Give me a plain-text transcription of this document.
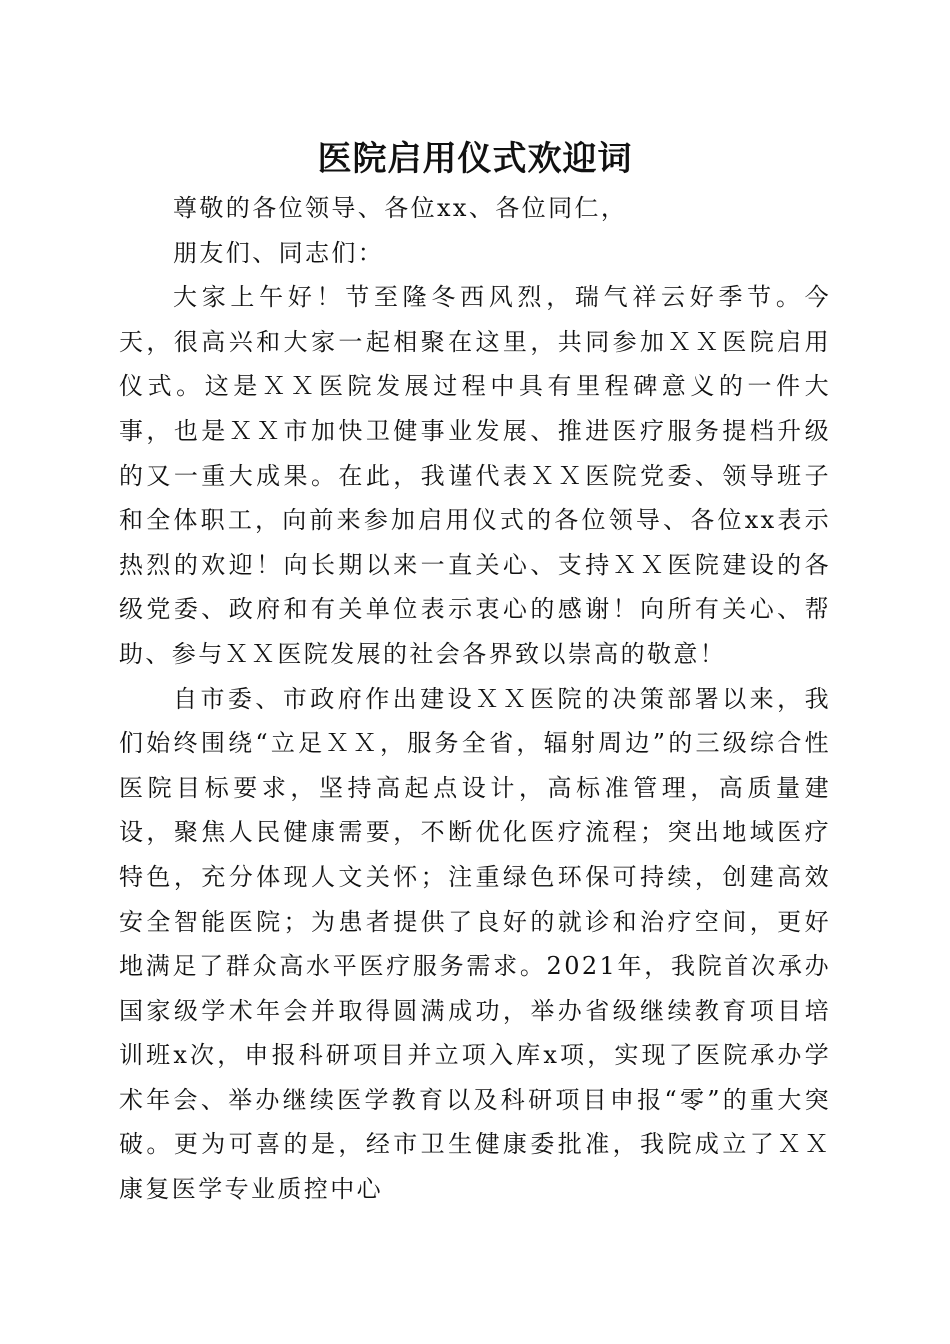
医院启用仪式欢迎词

尊敬的各位领导、各位xx、各位同仁，

朋友们、同志们：

大家上午好！节至隆冬西风烈，瑞气祥云好季节。今天，很高兴和大家一起相聚在这里，共同参加ＸＸ医院启用仪式。这是ＸＸ医院发展过程中具有里程碑意义的一件大事，也是ＸＸ市加快卫健事业发展、推进医疗服务提档升级的又一重大成果。在此，我谨代表ＸＸ医院党委、领导班子和全体职工，向前来参加启用仪式的各位领导、各位xx表示热烈的欢迎！向长期以来一直关心、支持ＸＸ医院建设的各级党委、政府和有关单位表示衷心的感谢！向所有关心、帮助、参与ＸＸ医院发展的社会各界致以崇高的敬意！

自市委、市政府作出建设ＸＸ医院的决策部署以来，我们始终围绕“立足ＸＸ，服务全省，辐射周边”的三级综合性医院目标要求，坚持高起点设计，高标准管理，高质量建设，聚焦人民健康需要，不断优化医疗流程；突出地域医疗特色，充分体现人文关怀；注重绿色环保可持续，创建高效安全智能医院；为患者提供了良好的就诊和治疗空间，更好地满足了群众高水平医疗服务需求。2021年，我院首次承办国家级学术年会并取得圆满成功，举办省级继续教育项目培训班x次，申报科研项目并立项入库x项，实现了医院承办学术年会、举办继续医学教育以及科研项目申报“零”的重大突破。更为可喜的是，经市卫生健康委批准，我院成立了ＸＸ康复医学专业质控中心
